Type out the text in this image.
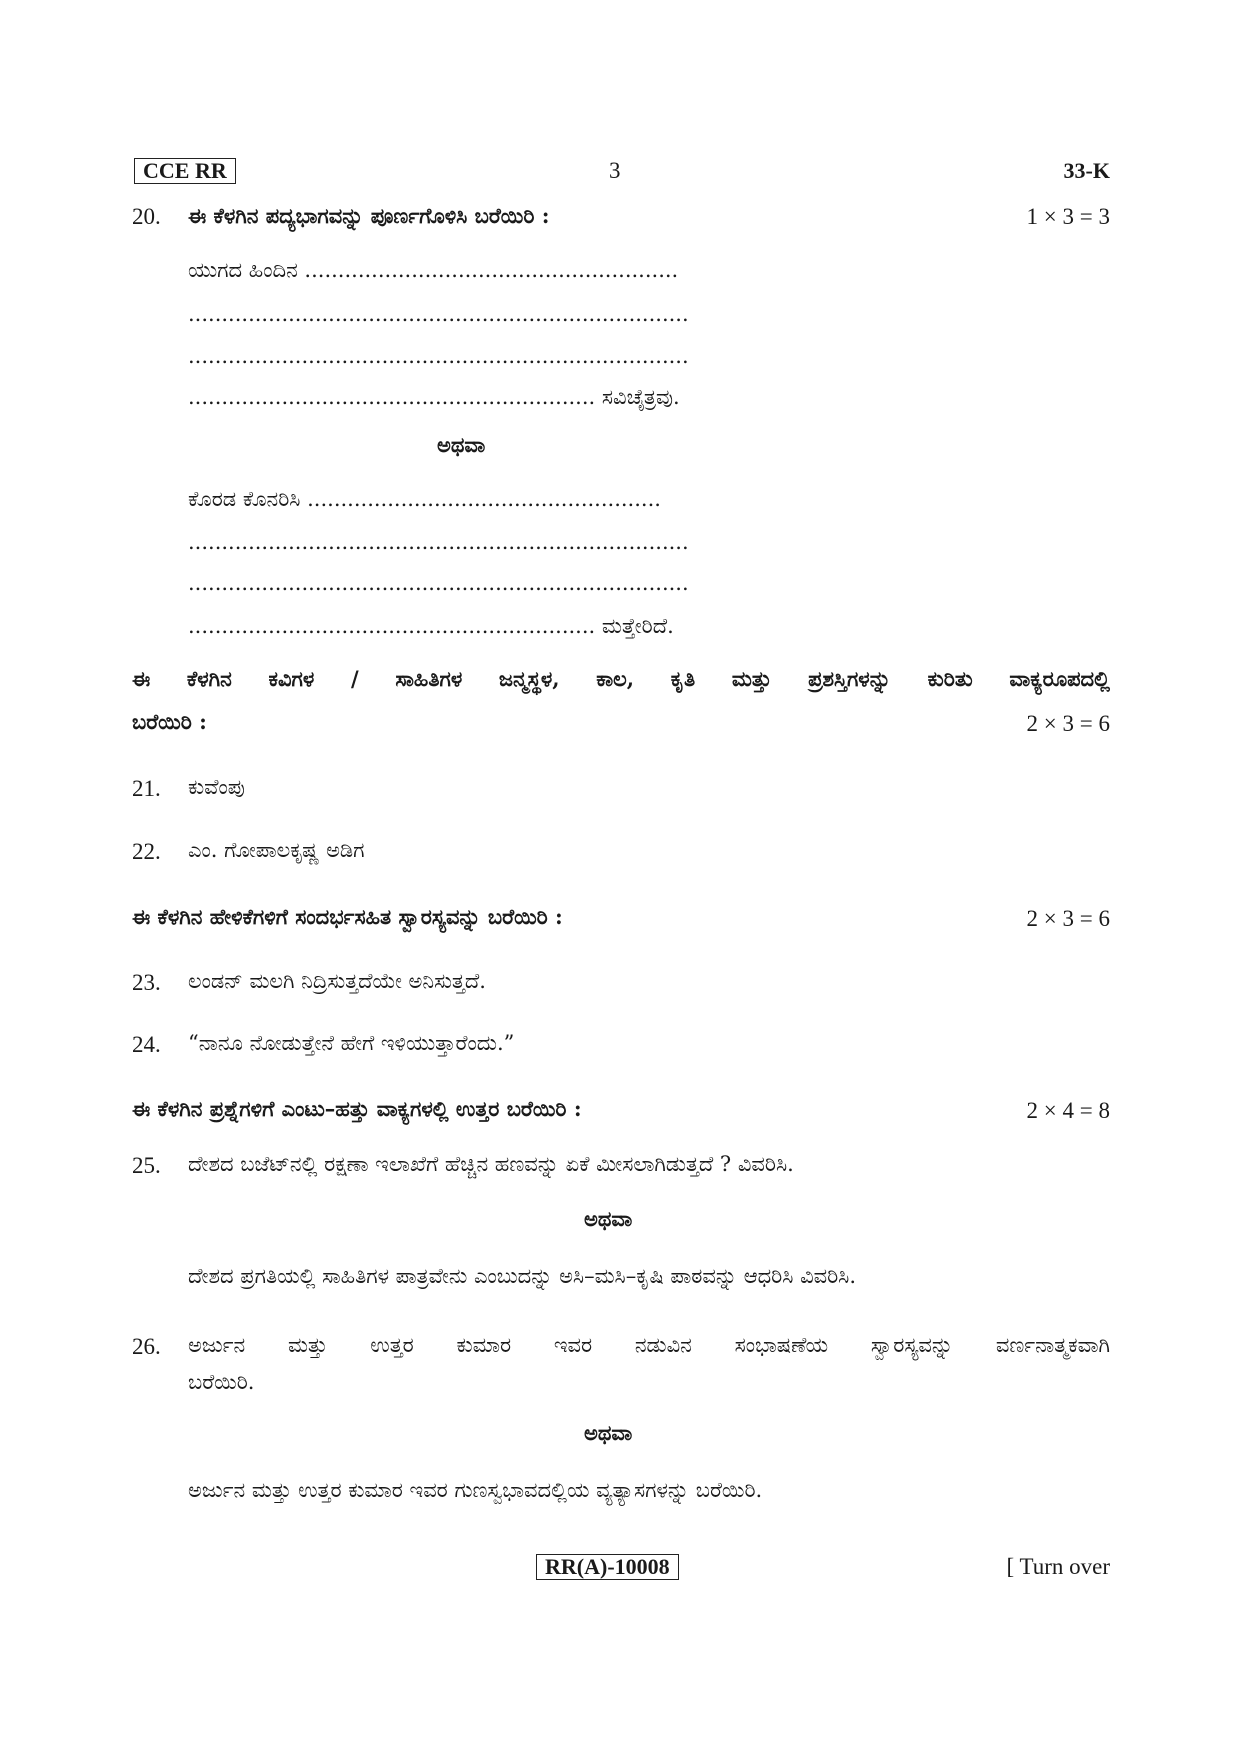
CCE RR	3	33-K
20. ಈ ಕೆಳಗಿನ ಪದ್ಯಭಾಗವನ್ನು ಪೂರ್ಣಗೊಳಿಸಿ ಬರೆಯಿರಿ :	1 × 3 = 3
ಯುಗದ ಹಿಂದಿನ ........................................................
...........................................................................
...........................................................................
............................................................. ಸವಿಚೈತ್ರವು.
ಅಥವಾ
ಕೊರಡ ಕೊನರಿಸಿ .....................................................
...........................................................................
...........................................................................
............................................................. ಮತ್ತೇರಿದೆ.
ಈ ಕೆಳಗಿನ ಕವಿಗಳ / ಸಾಹಿತಿಗಳ ಜನ್ಮಸ್ಥಳ, ಕಾಲ, ಕೃತಿ ಮತ್ತು ಪ್ರಶಸ್ತಿಗಳನ್ನು ಕುರಿತು ವಾಕ್ಯರೂಪದಲ್ಲಿ
ಬರೆಯಿರಿ :	2 × 3 = 6
21. ಕುವೆಂಪು
22. ಎಂ. ಗೋಪಾಲಕೃಷ್ಣ ಅಡಿಗ
ಈ ಕೆಳಗಿನ ಹೇಳಿಕೆಗಳಿಗೆ ಸಂದರ್ಭಸಹಿತ ಸ್ವಾರಸ್ಯವನ್ನು ಬರೆಯಿರಿ :	2 × 3 = 6
23. ಲಂಡನ್ ಮಲಗಿ ನಿದ್ರಿಸುತ್ತದೆಯೇ ಅನಿಸುತ್ತದೆ.
24. “ನಾನೂ ನೋಡುತ್ತೇನೆ ಹೇಗೆ ಇಳಿಯುತ್ತಾರೆಂದು.”
ಈ ಕೆಳಗಿನ ಪ್ರಶ್ನೆಗಳಿಗೆ ಎಂಟು–ಹತ್ತು ವಾಕ್ಯಗಳಲ್ಲಿ ಉತ್ತರ ಬರೆಯಿರಿ :	2 × 4 = 8
25. ದೇಶದ ಬಜೆಟ್‌ನಲ್ಲಿ ರಕ್ಷಣಾ ಇಲಾಖೆಗೆ ಹೆಚ್ಚಿನ ಹಣವನ್ನು ಏಕೆ ಮೀಸಲಾಗಿಡುತ್ತದೆ ? ವಿವರಿಸಿ.
ಅಥವಾ
ದೇಶದ ಪ್ರಗತಿಯಲ್ಲಿ ಸಾಹಿತಿಗಳ ಪಾತ್ರವೇನು ಎಂಬುದನ್ನು ಅಸಿ–ಮಸಿ–ಕೃಷಿ ಪಾಠವನ್ನು ಆಧರಿಸಿ ವಿವರಿಸಿ.
26. ಅರ್ಜುನ ಮತ್ತು ಉತ್ತರ ಕುಮಾರ ಇವರ ನಡುವಿನ ಸಂಭಾಷಣೆಯ ಸ್ವಾರಸ್ಯವನ್ನು ವರ್ಣನಾತ್ಮಕವಾಗಿ
ಬರೆಯಿರಿ.
ಅಥವಾ
ಅರ್ಜುನ ಮತ್ತು ಉತ್ತರ ಕುಮಾರ ಇವರ ಗುಣಸ್ವಭಾವದಲ್ಲಿಯ ವ್ಯತ್ಯಾಸಗಳನ್ನು ಬರೆಯಿರಿ.
RR(A)-10008	[ Turn over
